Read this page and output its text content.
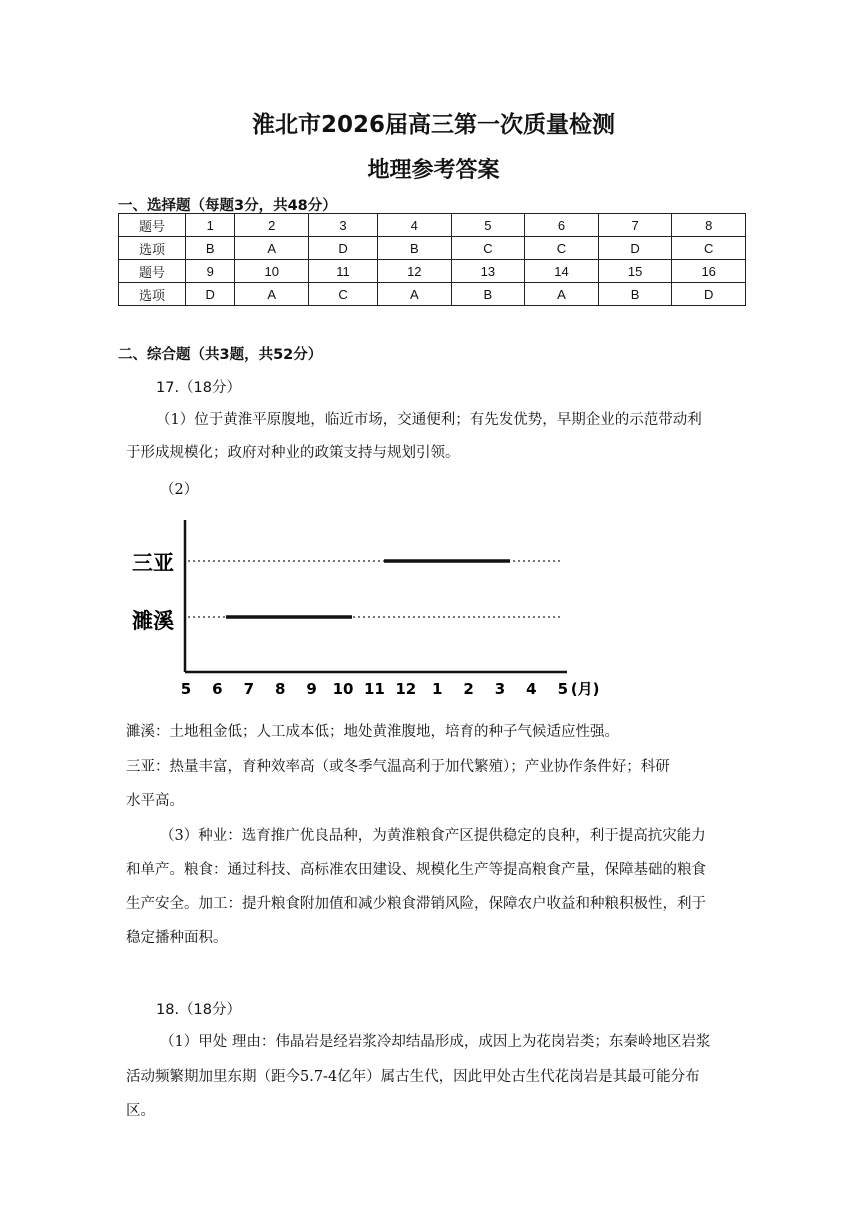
淮北市2026届高三第一次质量检测
地理参考答案
一、选择题（每题3分，共48分）
题号	1	2	3	4	5	6	7	8
选项	B	A	D	B	C	C	D	C
题号	9	10	11	12	13	14	15	16
选项	D	A	C	A	B	A	B	D
二、综合题（共3题，共52分）
17.（18分）
（1）位于黄淮平原腹地，临近市场，交通便利；有先发优势，早期企业的示范带动利
于形成规模化；政府对种业的政策支持与规划引领。
（2）
三亚
濉溪
5 6 7 8 9 10 11 12 1 2 3 4 5 (月)
濉溪：土地租金低；人工成本低；地处黄淮腹地，培育的种子气候适应性强。
三亚：热量丰富，育种效率高（或冬季气温高利于加代繁殖）；产业协作条件好；科研
水平高。
（3）种业：选育推广优良品种，为黄淮粮食产区提供稳定的良种，利于提高抗灾能力
和单产。粮食：通过科技、高标准农田建设、规模化生产等提高粮食产量，保障基础的粮食
生产安全。加工：提升粮食附加值和减少粮食滞销风险，保障农户收益和种粮积极性，利于
稳定播种面积。
18.（18分）
（1）甲处 理由：伟晶岩是经岩浆冷却结晶形成，成因上为花岗岩类；东秦岭地区岩浆
活动频繁期加里东期（距今5.7-4亿年）属古生代，因此甲处古生代花岗岩是其最可能分布
区。
